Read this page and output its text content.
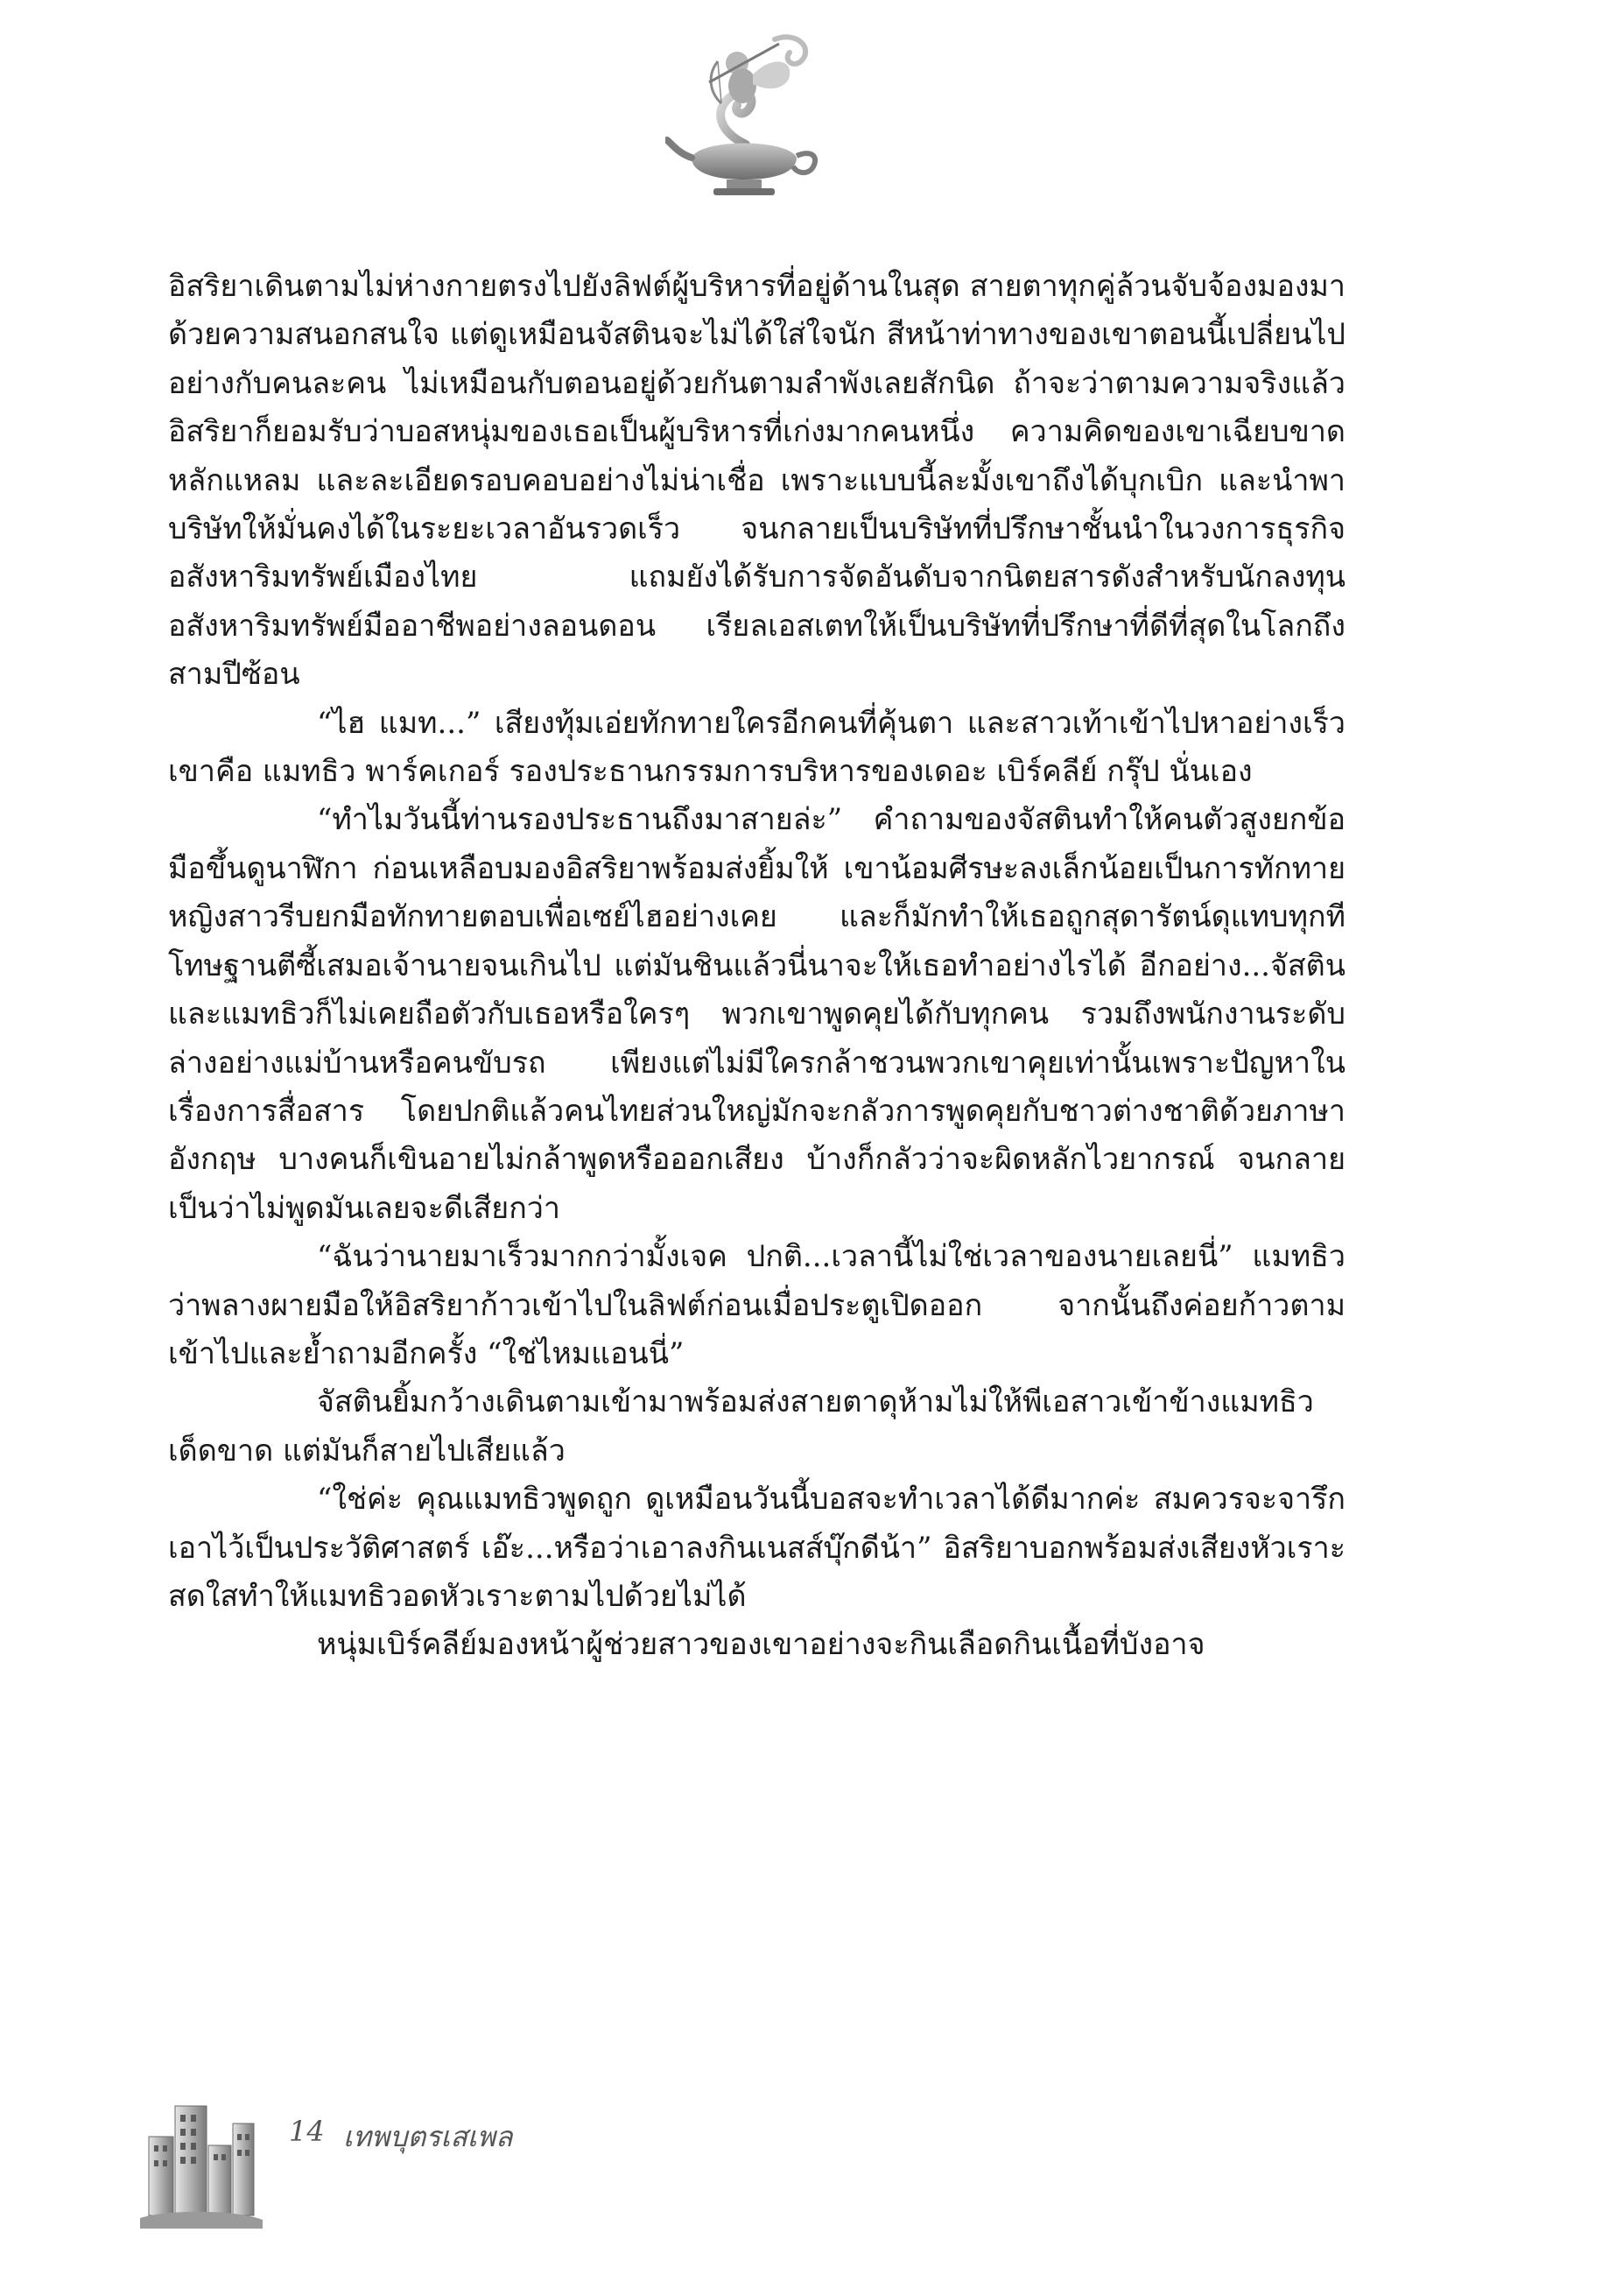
อิสริยาเดินตามไม่ห่างกายตรงไปยังลิฟต์ผู้บริหารที่อยู่ด้านในสุด สายตาทุกคู่ล้วนจับจ้องมองมาด้วยความสนอกสนใจ แต่ดูเหมือนจัสตินจะไม่ได้ใส่ใจนัก สีหน้าท่าทางของเขาตอนนี้เปลี่ยนไปอย่างกับคนละคน ไม่เหมือนกับตอนอยู่ด้วยกันตามลำพังเลยสักนิด ถ้าจะว่าตามความจริงแล้ว อิสริยาก็ยอมรับว่าบอสหนุ่มของเธอเป็นผู้บริหารที่เก่งมากคนหนึ่ง ความคิดของเขาเฉียบขาด หลักแหลม และละเอียดรอบคอบอย่างไม่น่าเชื่อ เพราะแบบนี้ละมั้งเขาถึงได้บุกเบิก และนำพาบริษัทให้มั่นคงได้ในระยะเวลาอันรวดเร็ว จนกลายเป็นบริษัทที่ปรึกษาชั้นนำในวงการธุรกิจอสังหาริมทรัพย์เมืองไทย แถมยังได้รับการจัดอันดับจากนิตยสารดังสำหรับนักลงทุนอสังหาริมทรัพย์มืออาชีพอย่างลอนดอน เรียลเอสเตทให้เป็นบริษัทที่ปรึกษาที่ดีที่สุดในโลกถึงสามปีซ้อน

“ไฮ แมท...” เสียงทุ้มเอ่ยทักทายใครอีกคนที่คุ้นตา และสาวเท้าเข้าไปหาอย่างเร็ว เขาคือ แมทธิว พาร์คเกอร์ รองประธานกรรมการบริหารของเดอะ เบิร์คลีย์ กรุ๊ป นั่นเอง

“ทำไมวันนี้ท่านรองประธานถึงมาสายล่ะ” คำถามของจัสตินทำให้คนตัวสูงยกข้อมือขึ้นดูนาฬิกา ก่อนเหลือบมองอิสริยาพร้อมส่งยิ้มให้ เขาน้อมศีรษะลงเล็กน้อยเป็นการทักทาย หญิงสาวรีบยกมือทักทายตอบเพื่อเซย์ไฮอย่างเคย และก็มักทำให้เธอถูกสุดารัตน์ดุแทบทุกที โทษฐานตีซี้เสมอเจ้านายจนเกินไป แต่มันชินแล้วนี่นาจะให้เธอทำอย่างไรได้ อีกอย่าง...จัสตินและแมทธิวก็ไม่เคยถือตัวกับเธอหรือใครๆ พวกเขาพูดคุยได้กับทุกคน รวมถึงพนักงานระดับล่างอย่างแม่บ้านหรือคนขับรถ เพียงแต่ไม่มีใครกล้าชวนพวกเขาคุยเท่านั้นเพราะปัญหาในเรื่องการสื่อสาร โดยปกติแล้วคนไทยส่วนใหญ่มักจะกลัวการพูดคุยกับชาวต่างชาติด้วยภาษาอังกฤษ บางคนก็เขินอายไม่กล้าพูดหรือออกเสียง บ้างก็กลัวว่าจะผิดหลักไวยากรณ์ จนกลายเป็นว่าไม่พูดมันเลยจะดีเสียกว่า

“ฉันว่านายมาเร็วมากกว่ามั้งเจค ปกติ...เวลานี้ไม่ใช่เวลาของนายเลยนี่” แมทธิวว่าพลางผายมือให้อิสริยาก้าวเข้าไปในลิฟต์ก่อนเมื่อประตูเปิดออก จากนั้นถึงค่อยก้าวตามเข้าไปและย้ำถามอีกครั้ง “ใช่ไหมแอนนี่”

จัสตินยิ้มกว้างเดินตามเข้ามาพร้อมส่งสายตาดุห้ามไม่ให้พีเอสาวเข้าข้างแมทธิวเด็ดขาด แต่มันก็สายไปเสียแล้ว

“ใช่ค่ะ คุณแมทธิวพูดถูก ดูเหมือนวันนี้บอสจะทำเวลาได้ดีมากค่ะ สมควรจะจารึกเอาไว้เป็นประวัติศาสตร์ เอ๊ะ...หรือว่าเอาลงกินเนสส์บุ๊กดีน้า” อิสริยาบอกพร้อมส่งเสียงหัวเราะสดใสทำให้แมทธิวอดหัวเราะตามไปด้วยไม่ได้

หนุ่มเบิร์คลีย์มองหน้าผู้ช่วยสาวของเขาอย่างจะกินเลือดกินเนื้อที่บังอาจ

14 เทพบุตรเสเพล
